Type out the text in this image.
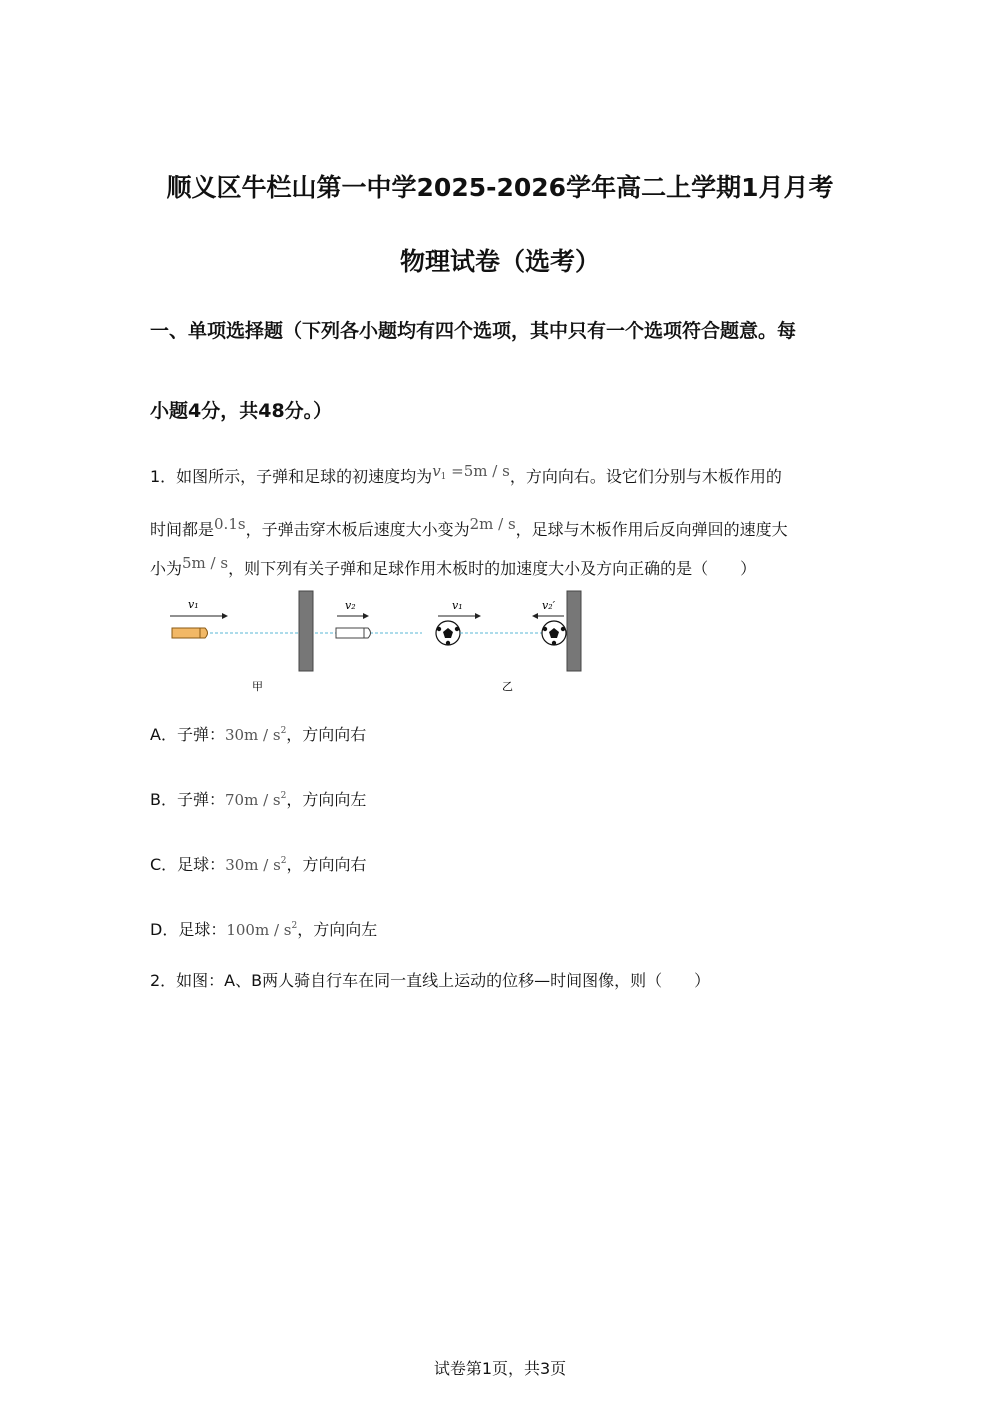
顺义区牛栏山第一中学2025-2026学年高二上学期1月月考
物理试卷（选考）
一、单项选择题（下列各小题均有四个选项，其中只有一个选项符合题意。每
小题4分，共48分。）
1．如图所示，子弹和足球的初速度均为$v_1 =5m / s$，方向向右。设它们分别与木板作用的
时间都是0.1s，子弹击穿木板后速度大小变为2m / s，足球与木板作用后反向弹回的速度大
小为5m / s，则下列有关子弹和足球作用木板时的加速度大小及方向正确的是（　　）
v₁	v₂
甲
v₁	v₂′
乙
A．子弹：$30m / s^2$，方向向右
B．子弹：$70m / s^2$，方向向左
C．足球：$30m / s^2$，方向向右
D．足球：$100m / s^2$，方向向左
2．如图：A、B两人骑自行车在同一直线上运动的位移—时间图像，则（　　）
试卷第1页，共3页
